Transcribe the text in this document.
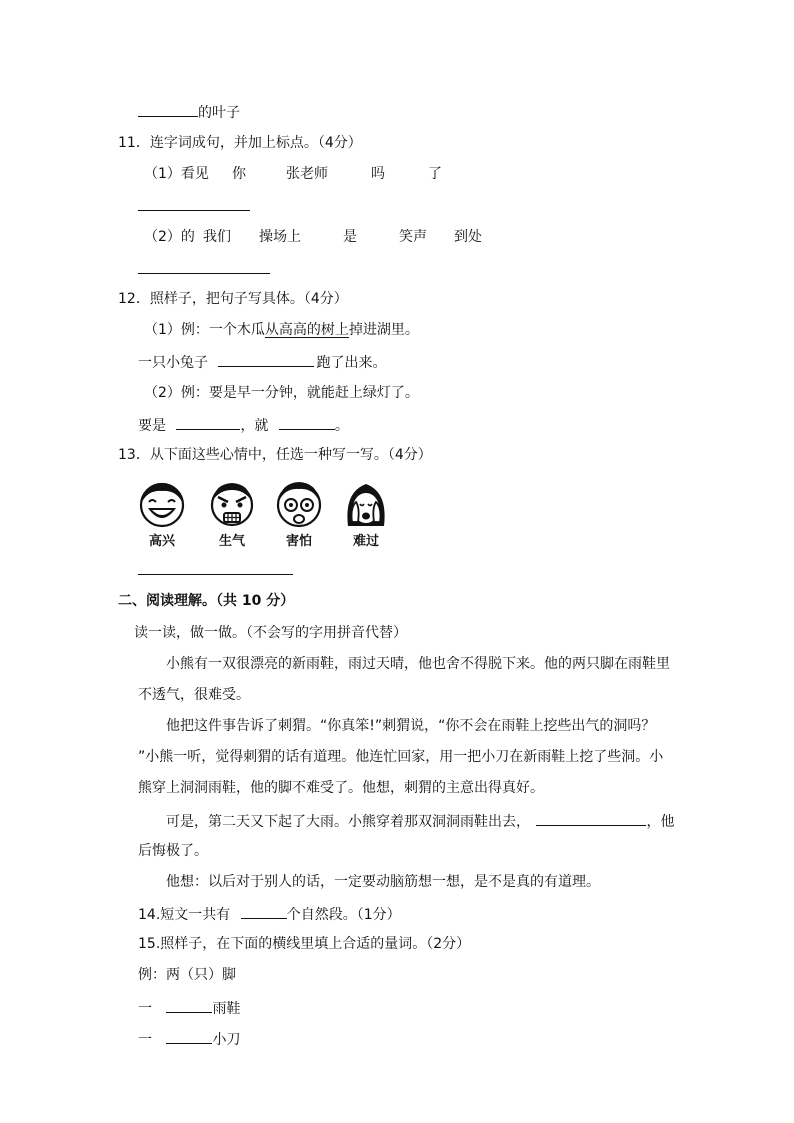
的叶子
11．连字词成句，并加上标点。（4分）
（1）看见 你	张老师	吗	了
（2）的 我们 操场上	是	笑声 到处
12．照样子，把句子写具体。（4分）
（1）例：一个木瓜从高高的树上掉进湖里。
一只小兔子	跑了出来。
（2）例：要是早一分钟，就能赶上绿灯了。
要是	，就	。
13．从下面这些心情中，任选一种写一写。（4分）
高兴	生气	害怕	难过
二、阅读理解。（共 10 分）
读一读，做一做。（不会写的字用拼音代替）
小熊有一双很漂亮的新雨鞋，雨过天晴，他也舍不得脱下来。他的两只脚在雨鞋里
不透气，很难受。
他把这件事告诉了刺猬。“你真笨!”刺猬说，“你不会在雨鞋上挖些出气的洞吗？
”小熊一听，觉得刺猬的话有道理。他连忙回家，用一把小刀在新雨鞋上挖了些洞。小
熊穿上洞洞雨鞋，他的脚不难受了。他想，刺猬的主意出得真好。
可是，第二天又下起了大雨。小熊穿着那双洞洞雨鞋出去，	，他
后悔极了。
他想：以后对于别人的话，一定要动脑筋想一想，是不是真的有道理。
14.短文一共有	个自然段。（1分）
15.照样子，在下面的横线里填上合适的量词。（2分）
例：两（只）脚
一	雨鞋
一	小刀
